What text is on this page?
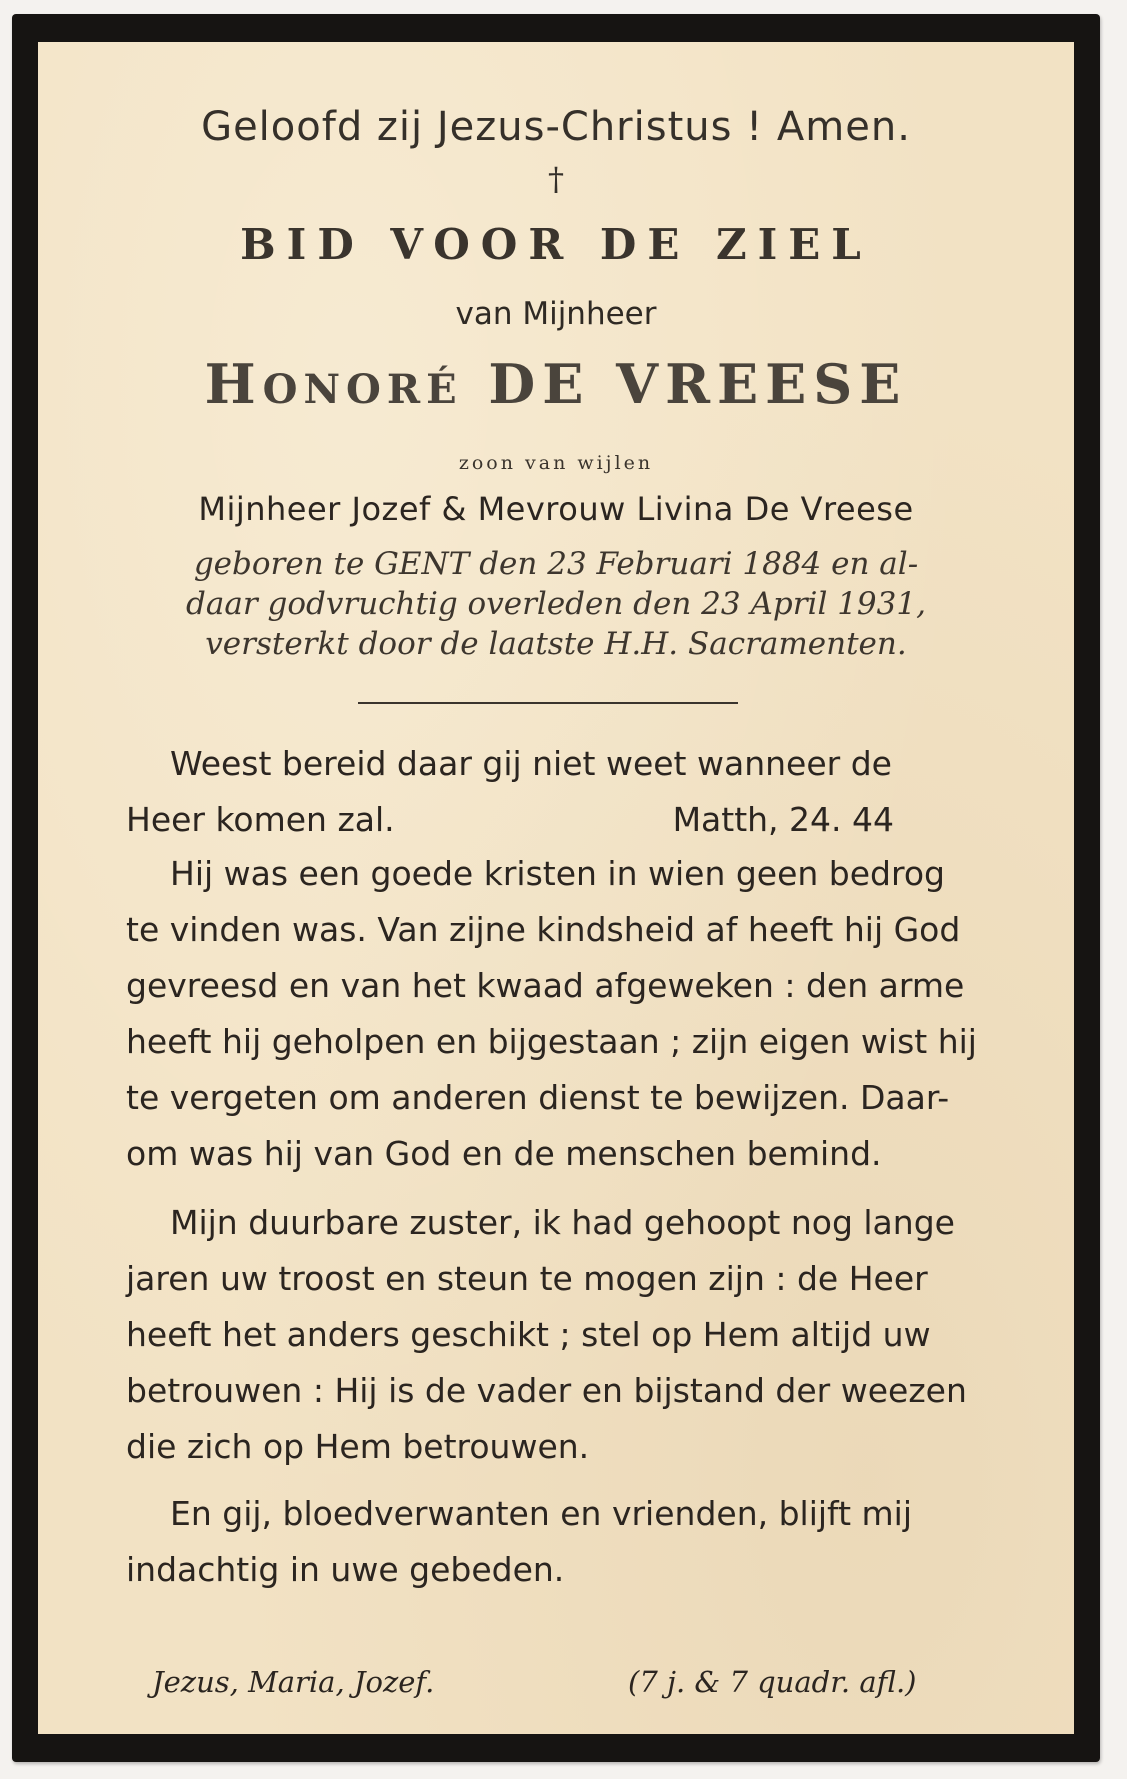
Geloofd zij Jezus-Christus ! Amen.

†

BID VOOR DE ZIEL

van Mijnheer

HONORÉ DE VREESE

zoon van wijlen

Mijnheer Jozef & Mevrouw Livina De Vreese

geboren te GENT den 23 Februari 1884 en al-

daar godvruchtig overleden den 23 April 1931,

versterkt door de laatste H.H. Sacramenten.

Weest bereid daar gij niet weet wanneer de
Heer komen zal.	Matth, 24. 44
Hij was een goede kristen in wien geen bedrog
te vinden was. Van zijne kindsheid af heeft hij God
gevreesd en van het kwaad afgeweken : den arme
heeft hij geholpen en bijgestaan ; zijn eigen wist hij
te vergeten om anderen dienst te bewijzen. Daar-
om was hij van God en de menschen bemind.
Mijn duurbare zuster, ik had gehoopt nog lange
jaren uw troost en steun te mogen zijn : de Heer
heeft het anders geschikt ; stel op Hem altijd uw
betrouwen : Hij is de vader en bijstand der weezen
die zich op Hem betrouwen.
En gij, bloedverwanten en vrienden, blijft mij
indachtig in uwe gebeden.

Jezus, Maria, Jozef.	(7 j. & 7 quadr. afl.)
